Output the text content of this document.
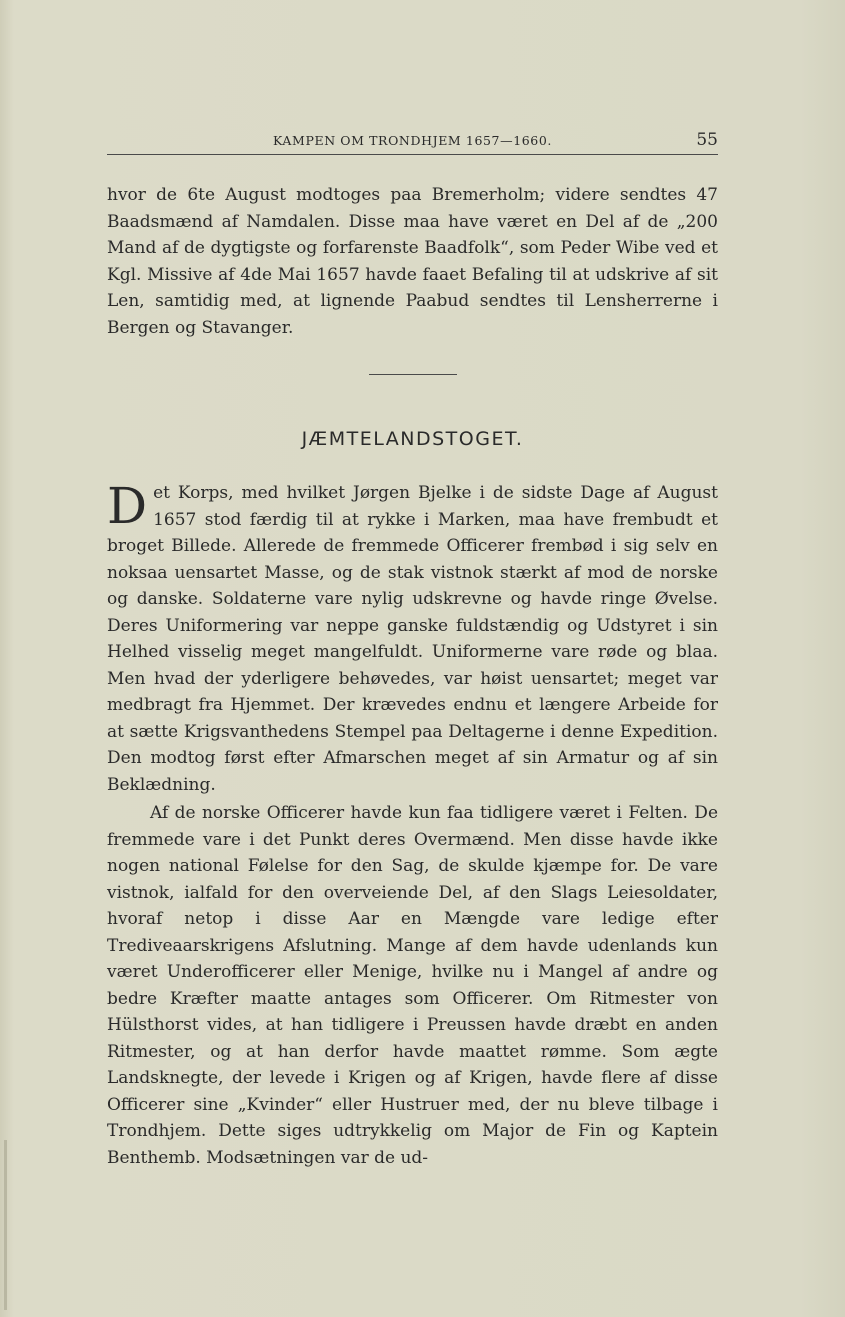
KAMPEN OM TRONDHJEM 1657—1660.	55

hvor de 6te August modtoges paa Bremerholm; videre sendtes 47 Baadsmænd af Namdalen. Disse maa have været en Del af de „200 Mand af de dygtigste og forfarenste Baadfolk“, som Peder Wibe ved et Kgl. Missive af 4de Mai 1657 havde faaet Befaling til at udskrive af sit Len, samtidig med, at lignende Paabud sendtes til Lensherrerne i Bergen og Stavanger.

JÆMTELANDSTOGET.

Det Korps, med hvilket Jørgen Bjelke i de sidste Dage af August 1657 stod færdig til at rykke i Marken, maa have frembudt et broget Billede. Allerede de fremmede Officerer frembød i sig selv en noksaa uensartet Masse, og de stak vistnok stærkt af mod de norske og danske. Soldaterne vare nylig udskrevne og havde ringe Øvelse. Deres Uniformering var neppe ganske fuldstændig og Udstyret i sin Helhed visselig meget mangelfuldt. Uniformerne vare røde og blaa. Men hvad der yderligere behøvedes, var høist uensartet; meget var medbragt fra Hjemmet. Der krævedes endnu et længere Arbeide for at sætte Krigsvanthedens Stempel paa Deltagerne i denne Expedition. Den modtog først efter Afmarschen meget af sin Armatur og af sin Beklædning.

Af de norske Officerer havde kun faa tidligere været i Felten. De fremmede vare i det Punkt deres Overmænd. Men disse havde ikke nogen national Følelse for den Sag, de skulde kjæmpe for. De vare vistnok, ialfald for den overveiende Del, af den Slags Leiesoldater, hvoraf netop i disse Aar en Mængde vare ledige efter Trediveaarskrigens Afslutning. Mange af dem havde udenlands kun været Underofficerer eller Menige, hvilke nu i Mangel af andre og bedre Kræfter maatte antages som Officerer. Om Ritmester von Hülsthorst vides, at han tidligere i Preussen havde dræbt en anden Ritmester, og at han derfor havde maattet rømme. Som ægte Landsknegte, der levede i Krigen og af Krigen, havde flere af disse Officerer sine „Kvinder“ eller Hustruer med, der nu bleve tilbage i Trondhjem. Dette siges udtrykkelig om Major de Fin og Kaptein Benthemb. Modsætningen var de ud-
